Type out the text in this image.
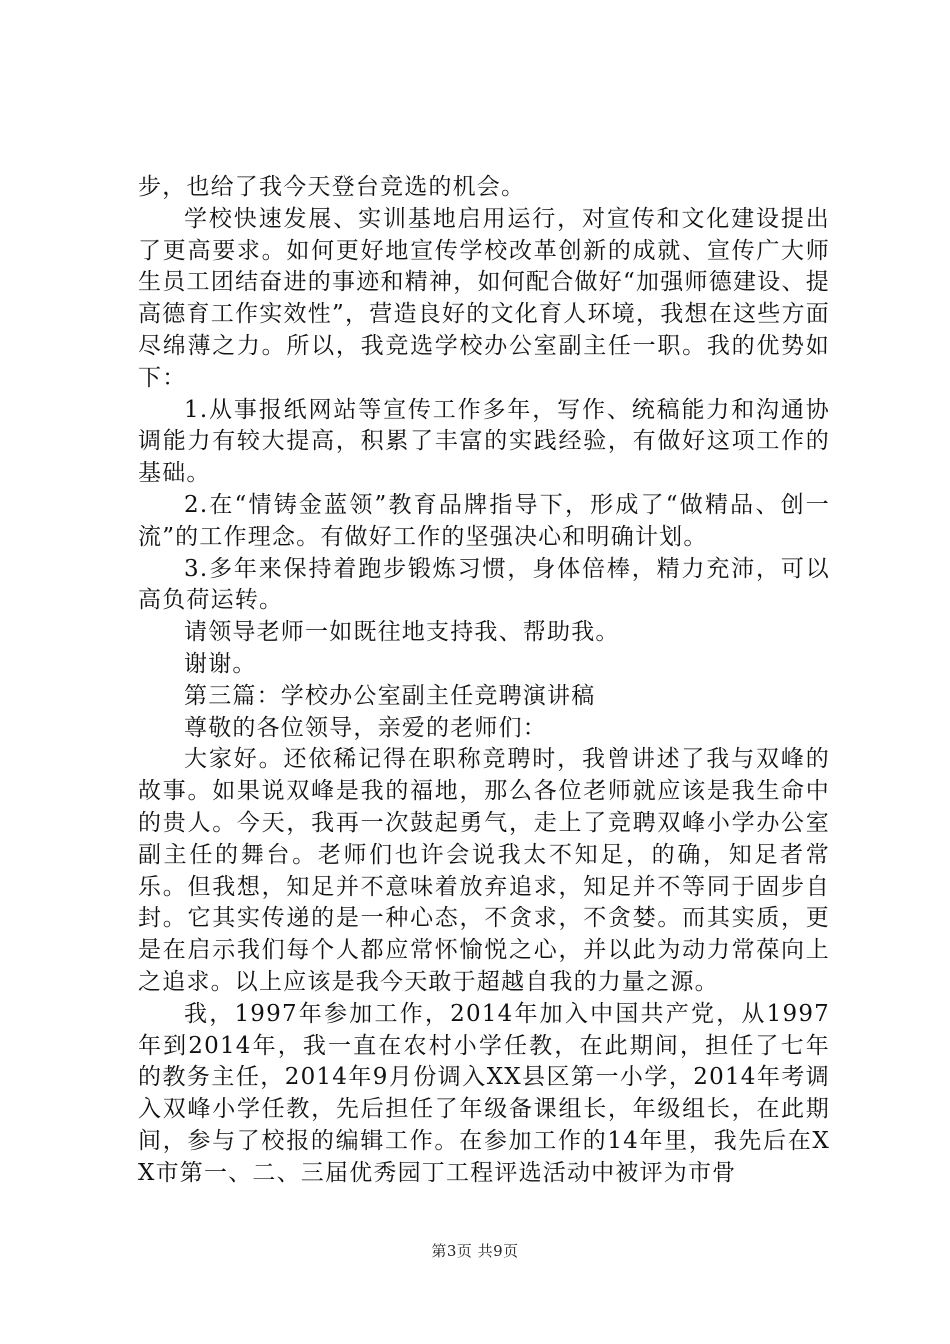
步，也给了我今天登台竞选的机会。

学校快速发展、实训基地启用运行，对宣传和文化建设提出了更高要求。如何更好地宣传学校改革创新的成就、宣传广大师生员工团结奋进的事迹和精神，如何配合做好“加强师德建设、提高德育工作实效性”，营造良好的文化育人环境，我想在这些方面尽绵薄之力。所以，我竞选学校办公室副主任一职。我的优势如下：

1.从事报纸网站等宣传工作多年，写作、统稿能力和沟通协调能力有较大提高，积累了丰富的实践经验，有做好这项工作的基础。

2.在“情铸金蓝领”教育品牌指导下，形成了“做精品、创一流”的工作理念。有做好工作的坚强决心和明确计划。

3.多年来保持着跑步锻炼习惯，身体倍棒，精力充沛，可以高负荷运转。

请领导老师一如既往地支持我、帮助我。

谢谢。

第三篇：学校办公室副主任竞聘演讲稿

尊敬的各位领导，亲爱的老师们：

大家好。还依稀记得在职称竞聘时，我曾讲述了我与双峰的故事。如果说双峰是我的福地，那么各位老师就应该是我生命中的贵人。今天，我再一次鼓起勇气，走上了竞聘双峰小学办公室副主任的舞台。老师们也许会说我太不知足，的确，知足者常乐。但我想，知足并不意味着放弃追求，知足并不等同于固步自封。它其实传递的是一种心态，不贪求，不贪婪。而其实质，更是在启示我们每个人都应常怀愉悦之心，并以此为动力常葆向上之追求。以上应该是我今天敢于超越自我的力量之源。

我，1997年参加工作，2014年加入中国共产党，从1997年到2014年，我一直在农村小学任教，在此期间，担任了七年的教务主任，2014年9月份调入XX县区第一小学，2014年考调入双峰小学任教，先后担任了年级备课组长，年级组长，在此期间，参与了校报的编辑工作。在参加工作的14年里，我先后在XX市第一、二、三届优秀园丁工程评选活动中被评为市骨

第3页 共9页
